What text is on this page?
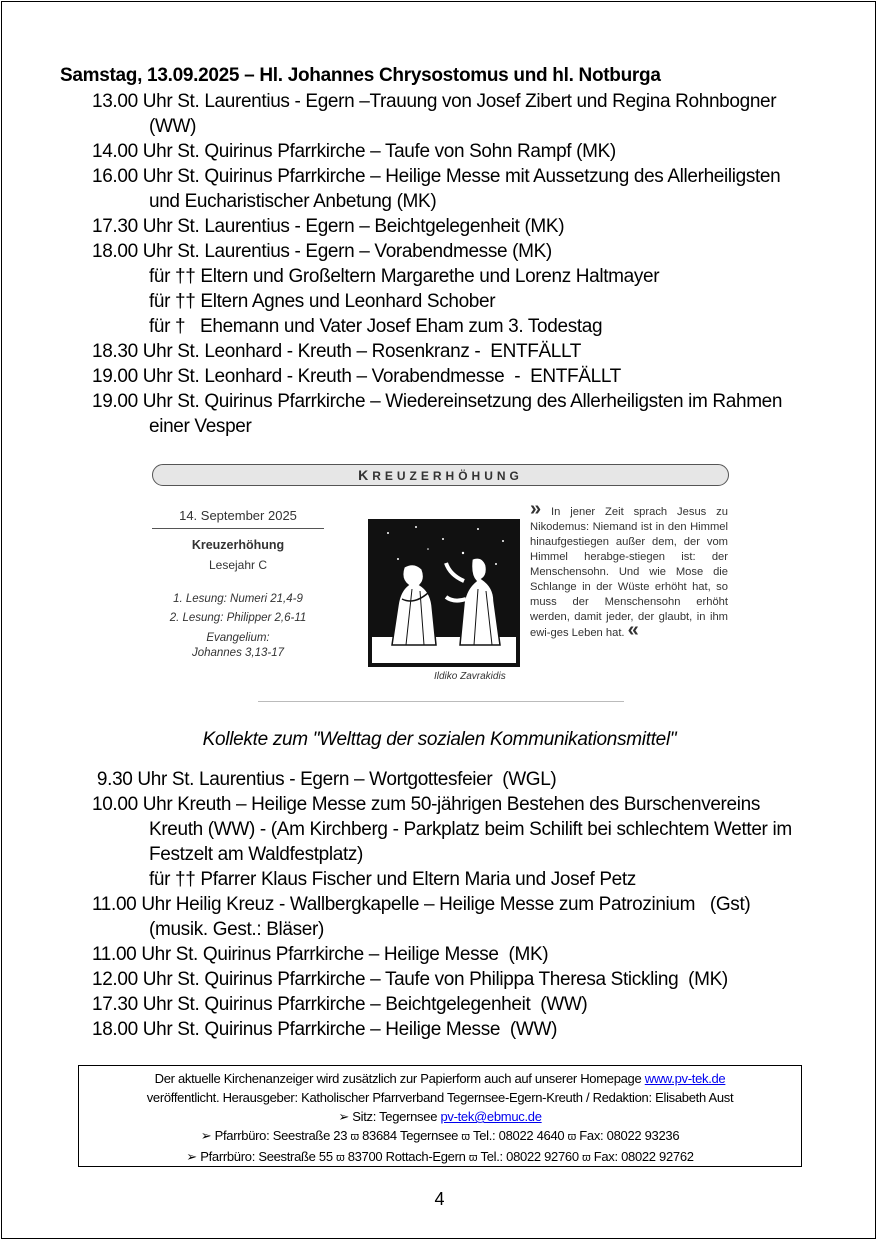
Samstag, 13.09.2025 – Hl. Johannes Chrysostomus und hl. Notburga
13.00 Uhr St. Laurentius - Egern –Trauung von Josef Zibert und Regina Rohnbogner
(WW)
14.00 Uhr St. Quirinus Pfarrkirche – Taufe von Sohn Rampf (MK)
16.00 Uhr St. Quirinus Pfarrkirche – Heilige Messe mit Aussetzung des Allerheiligsten
und Eucharistischer Anbetung (MK)
17.30 Uhr St. Laurentius - Egern – Beichtgelegenheit (MK)
18.00 Uhr St. Laurentius - Egern – Vorabendmesse (MK)
für †† Eltern und Großeltern Margarethe und Lorenz Haltmayer
für †† Eltern Agnes und Leonhard Schober
für †   Ehemann und Vater Josef Eham zum 3. Todestag
18.30 Uhr St. Leonhard - Kreuth – Rosenkranz -  ENTFÄLLT
19.00 Uhr St. Leonhard - Kreuth – Vorabendmesse  -  ENTFÄLLT
19.00 Uhr St. Quirinus Pfarrkirche – Wiedereinsetzung des Allerheiligsten im Rahmen
einer Vesper
KREUZERHÖHUNG
14. September 2025
Kreuzerhöhung
Lesejahr C
1. Lesung: Numeri 21,4-9
2. Lesung: Philipper 2,6-11
Evangelium:
Johannes 3,13-17
Ildiko Zavrakidis
» In jener Zeit sprach Jesus zu Nikodemus: Niemand ist in den Himmel hinaufgestiegen außer dem, der vom Himmel herabge-stiegen ist: der Menschensohn. Und wie Mose die Schlange in der Wüste erhöht hat, so muss der Menschensohn erhöht werden, damit jeder, der glaubt, in ihm ewi-ges Leben hat. «
Kollekte zum "Welttag der sozialen Kommunikationsmittel"
9.30 Uhr St. Laurentius - Egern – Wortgottesfeier  (WGL)
10.00 Uhr Kreuth – Heilige Messe zum 50-jährigen Bestehen des Burschenvereins
Kreuth (WW) - (Am Kirchberg - Parkplatz beim Schilift bei schlechtem Wetter im
Festzelt am Waldfestplatz)
für †† Pfarrer Klaus Fischer und Eltern Maria und Josef Petz
11.00 Uhr Heilig Kreuz - Wallbergkapelle – Heilige Messe zum Patrozinium   (Gst)
(musik. Gest.: Bläser)
11.00 Uhr St. Quirinus Pfarrkirche – Heilige Messe  (MK)
12.00 Uhr St. Quirinus Pfarrkirche – Taufe von Philippa Theresa Stickling  (MK)
17.30 Uhr St. Quirinus Pfarrkirche – Beichtgelegenheit  (WW)
18.00 Uhr St. Quirinus Pfarrkirche – Heilige Messe  (WW)
Der aktuelle Kirchenanzeiger wird zusätzlich zur Papierform auch auf unserer Homepage www.pv-tek.de
veröffentlicht. Herausgeber: Katholischer Pfarrverband Tegernsee-Egern-Kreuth / Redaktion: Elisabeth Aust
➢ Sitz: Tegernsee pv-tek@ebmuc.de
➢ Pfarrbüro: Seestraße 23 ϖ 83684 Tegernsee ϖ Tel.: 08022 4640 ϖ Fax: 08022 93236
➢ Pfarrbüro: Seestraße 55 ϖ 83700 Rottach-Egern ϖ Tel.: 08022 92760 ϖ Fax: 08022 92762
4
